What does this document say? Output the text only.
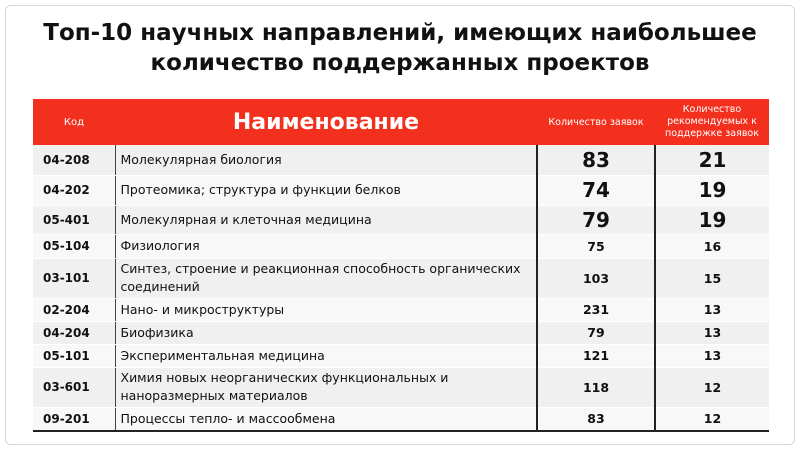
Топ-10 научных направлений, имеющих наибольшее
количество поддержанных проектов
Код	Наименование	Количество заявок	Количество рекомендуемых к поддержке заявок
04-208	Молекулярная биология	83	21
04-202	Протеомика; структура и функции белков	74	19
05-401	Молекулярная и клеточная медицина	79	19
05-104	Физиология	75	16
03-101	Синтез, строение и реакционная способность органических соединений	103	15
02-204	Нано- и микроструктуры	231	13
04-204	Биофизика	79	13
05-101	Экспериментальная медицина	121	13
03-601	Химия новых неорганических функциональных и наноразмерных материалов	118	12
09-201	Процессы тепло- и массообмена	83	12
